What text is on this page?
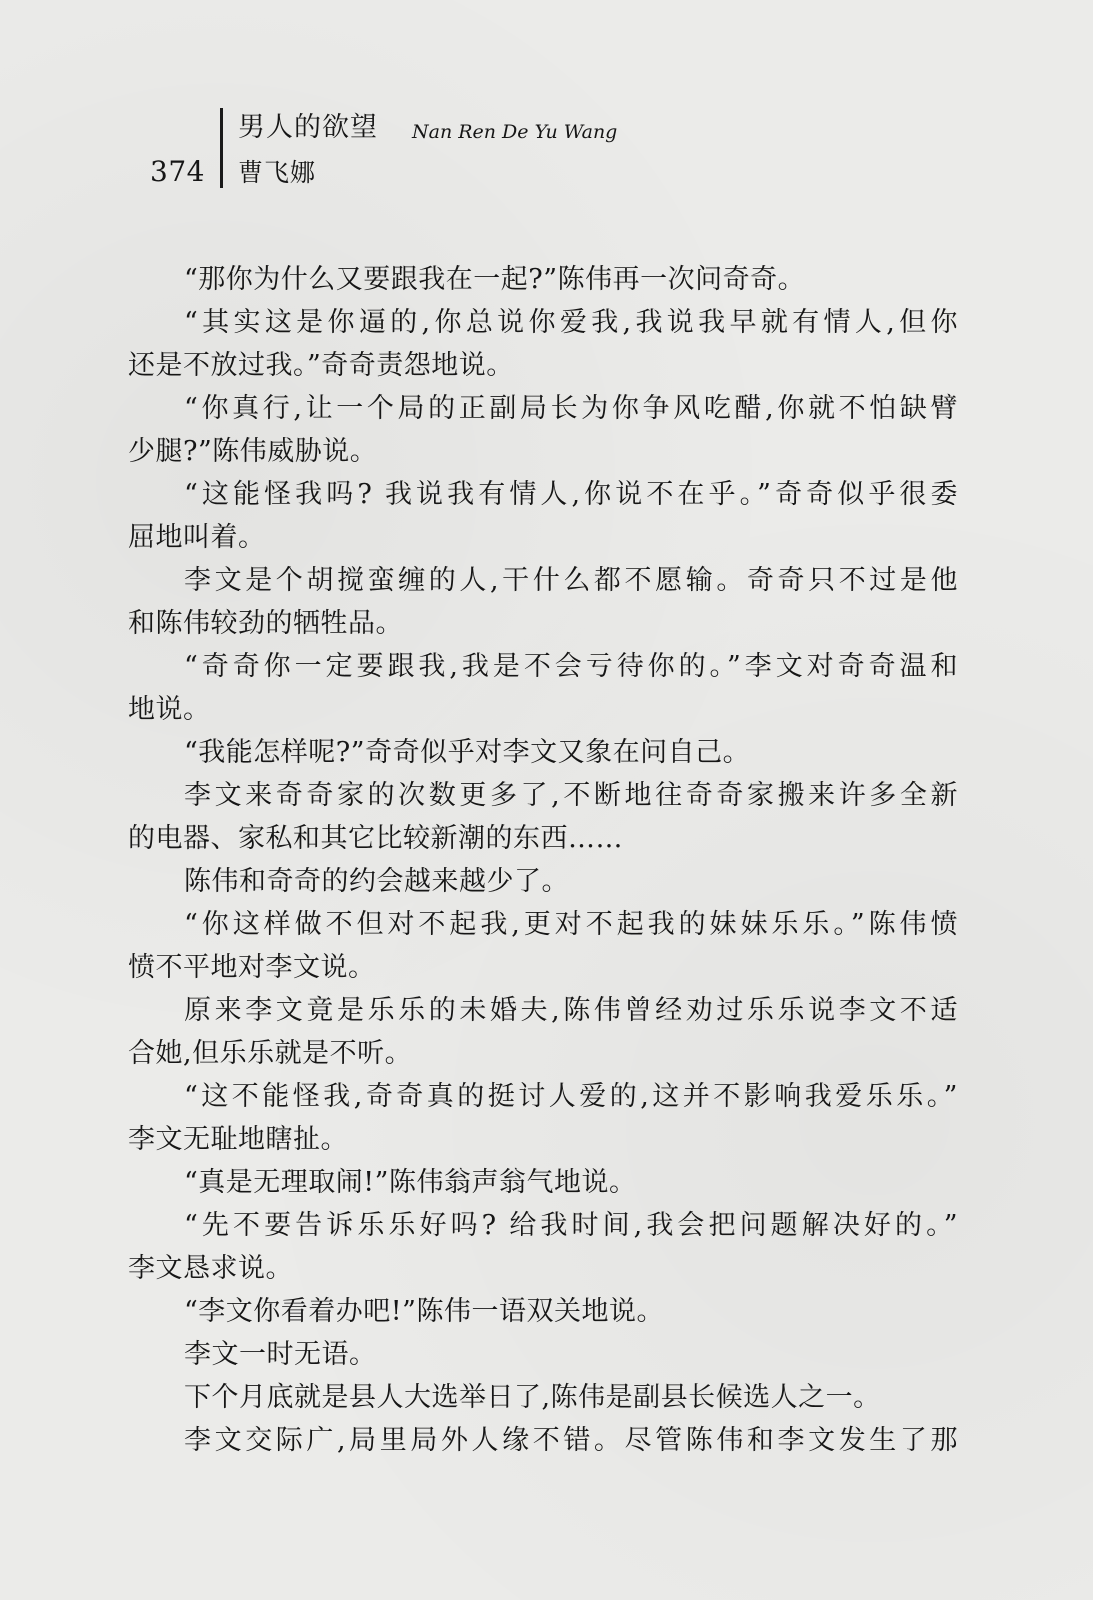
374
男人的欲望 Nan Ren De Yu Wang
曹飞娜
“那你为什么又要跟我在一起?”陈伟再一次问奇奇。
“其实这是你逼的,你总说你爱我,我说我早就有情人,但你
还是不放过我。”奇奇责怨地说。
“你真行,让一个局的正副局长为你争风吃醋,你就不怕缺臂
少腿?”陈伟威胁说。
“这能怪我吗? 我说我有情人,你说不在乎。”奇奇似乎很委
屈地叫着。
李文是个胡搅蛮缠的人,干什么都不愿输。奇奇只不过是他
和陈伟较劲的牺牲品。
“奇奇你一定要跟我,我是不会亏待你的。”李文对奇奇温和
地说。
“我能怎样呢?”奇奇似乎对李文又象在问自己。
李文来奇奇家的次数更多了,不断地往奇奇家搬来许多全新
的电器、家私和其它比较新潮的东西……
陈伟和奇奇的约会越来越少了。
“你这样做不但对不起我,更对不起我的妹妹乐乐。”陈伟愤
愤不平地对李文说。
原来李文竟是乐乐的未婚夫,陈伟曾经劝过乐乐说李文不适
合她,但乐乐就是不听。
“这不能怪我,奇奇真的挺讨人爱的,这并不影响我爱乐乐。”
李文无耻地瞎扯。
“真是无理取闹!”陈伟翁声翁气地说。
“先不要告诉乐乐好吗? 给我时间,我会把问题解决好的。”
李文恳求说。
“李文你看着办吧!”陈伟一语双关地说。
李文一时无语。
下个月底就是县人大选举日了,陈伟是副县长候选人之一。
李文交际广,局里局外人缘不错。尽管陈伟和李文发生了那
